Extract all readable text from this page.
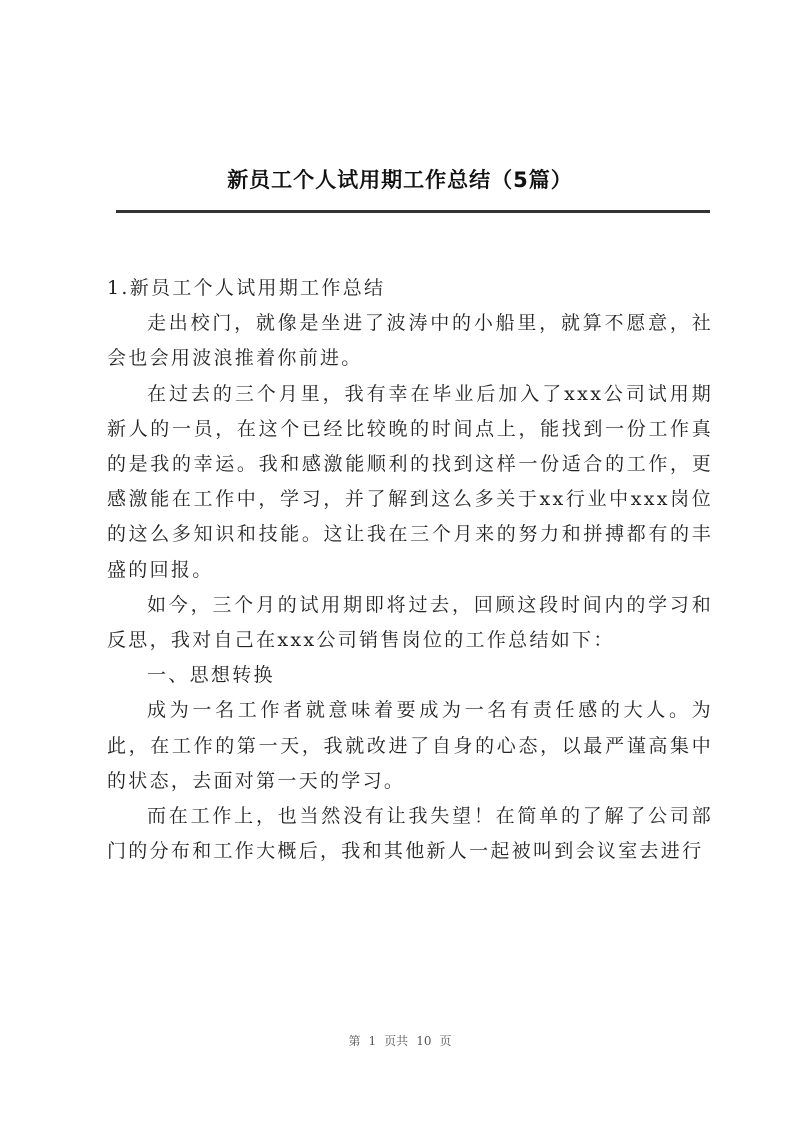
新员工个人试用期工作总结（5篇）

1.新员工个人试用期工作总结

走出校门，就像是坐进了波涛中的小船里，就算不愿意，社会也会用波浪推着你前进。

在过去的三个月里，我有幸在毕业后加入了xxx公司试用期新人的一员，在这个已经比较晚的时间点上，能找到一份工作真的是我的幸运。我和感激能顺利的找到这样一份适合的工作，更感激能在工作中，学习，并了解到这么多关于xx行业中xxx岗位的这么多知识和技能。这让我在三个月来的努力和拼搏都有的丰盛的回报。

如今，三个月的试用期即将过去，回顾这段时间内的学习和反思，我对自己在xxx公司销售岗位的工作总结如下：

一、思想转换

成为一名工作者就意味着要成为一名有责任感的大人。为此，在工作的第一天，我就改进了自身的心态，以最严谨高集中的状态，去面对第一天的学习。

而在工作上，也当然没有让我失望！在简单的了解了公司部门的分布和工作大概后，我和其他新人一起被叫到会议室去进行

第 1 页共 10 页
